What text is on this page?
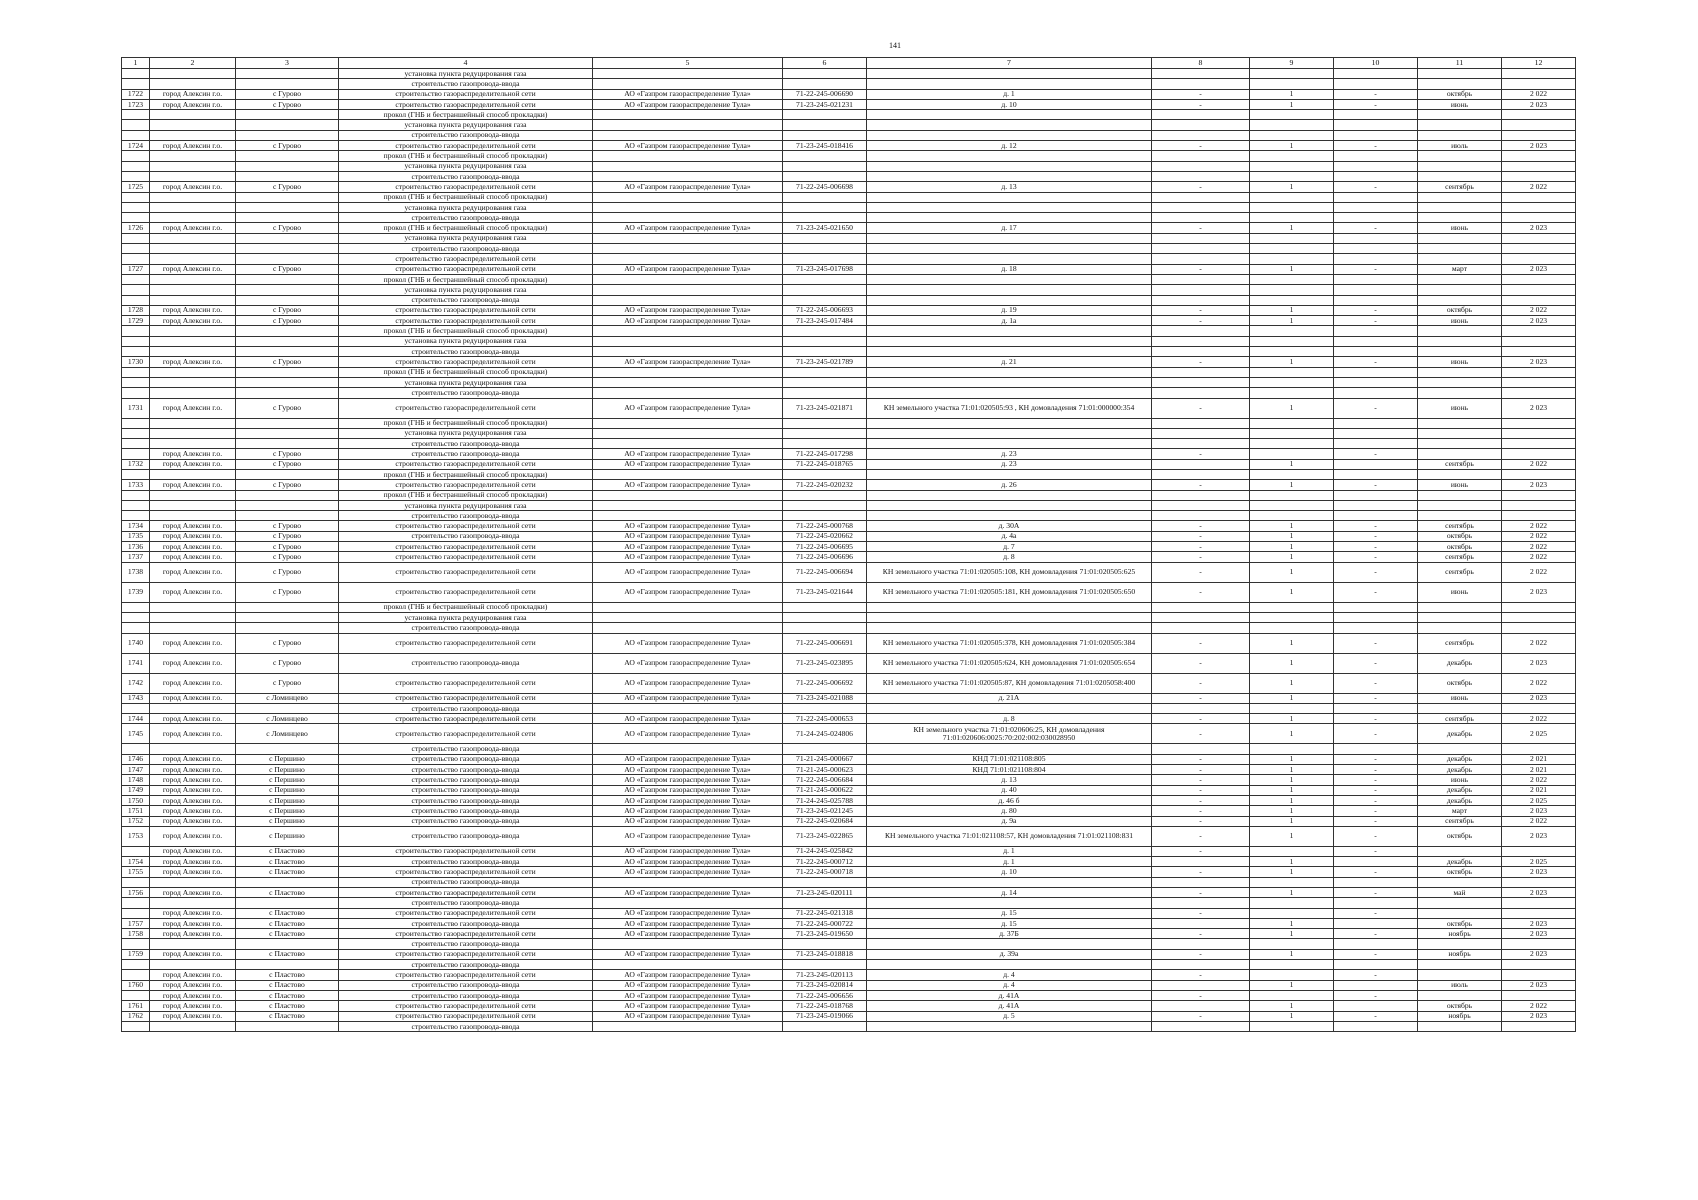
141
1	2	3	4	5	6	7	8	9	10	11	12
			установка пункта редуцирования газа								
			строительство газопровода-ввода								
1722	город Алексин г.о.	с Гурово	строительство газораспределительной сети	АО «Газпром газораспределение Тула»	71-22-245-006690	д. 1	-	1	-	октябрь	2 022
1723	город Алексин г.о.	с Гурово	строительство газораспределительной сети	АО «Газпром газораспределение Тула»	71-23-245-021231	д. 10	-	1	-	июнь	2 023
			прокол (ГНБ и бестраншейный способ прокладки)								
			установка пункта редуцирования газа								
			строительство газопровода-ввода								
1724	город Алексин г.о.	с Гурово	строительство газораспределительной сети	АО «Газпром газораспределение Тула»	71-23-245-018416	д. 12	-	1	-	июль	2 023
			прокол (ГНБ и бестраншейный способ прокладки)								
			установка пункта редуцирования газа								
			строительство газопровода-ввода								
1725	город Алексин г.о.	с Гурово	строительство газораспределительной сети	АО «Газпром газораспределение Тула»	71-22-245-006698	д. 13	-	1	-	сентябрь	2 022
			прокол (ГНБ и бестраншейный способ прокладки)								
			установка пункта редуцирования газа								
			строительство газопровода-ввода								
1726	город Алексин г.о.	с Гурово	прокол (ГНБ и бестраншейный способ прокладки)	АО «Газпром газораспределение Тула»	71-23-245-021650	д. 17	-	1	-	июнь	2 023
			установка пункта редуцирования газа								
			строительство газопровода-ввода								
			строительство газораспределительной сети								
1727	город Алексин г.о.	с Гурово	строительство газораспределительной сети	АО «Газпром газораспределение Тула»	71-23-245-017698	д. 18	-	1	-	март	2 023
			прокол (ГНБ и бестраншейный способ прокладки)								
			установка пункта редуцирования газа								
			строительство газопровода-ввода								
1728	город Алексин г.о.	с Гурово	строительство газораспределительной сети	АО «Газпром газораспределение Тула»	71-22-245-006693	д. 19	-	1	-	октябрь	2 022
1729	город Алексин г.о.	с Гурово	строительство газораспределительной сети	АО «Газпром газораспределение Тула»	71-23-245-017484	д. 1а	-	1	-	июнь	2 023
			прокол (ГНБ и бестраншейный способ прокладки)								
			установка пункта редуцирования газа								
			строительство газопровода-ввода								
1730	город Алексин г.о.	с Гурово	строительство газораспределительной сети	АО «Газпром газораспределение Тула»	71-23-245-021789	д. 21	-	1	-	июнь	2 023
			прокол (ГНБ и бестраншейный способ прокладки)								
			установка пункта редуцирования газа								
			строительство газопровода-ввода								
1731	город Алексин г.о.	с Гурово	строительство газораспределительной сети	АО «Газпром газораспределение Тула»	71-23-245-021871	КН земельного участка 71:01:020505:93 , КН домовладения 71:01:000000:354	-	1	-	июнь	2 023
			прокол (ГНБ и бестраншейный способ прокладки)								
			установка пункта редуцирования газа								
			строительство газопровода-ввода								
	город Алексин г.о.	с Гурово	строительство газопровода-ввода	АО «Газпром газораспределение Тула»	71-22-245-017298	д. 23	-		-		
1732	город Алексин г.о.	с Гурово	строительство газораспределительной сети	АО «Газпром газораспределение Тула»	71-22-245-018765	д. 23		1		сентябрь	2 022
			прокол (ГНБ и бестраншейный способ прокладки)								
1733	город Алексин г.о.	с Гурово	строительство газораспределительной сети	АО «Газпром газораспределение Тула»	71-22-245-020232	д. 26	-	1	-	июнь	2 023
			прокол (ГНБ и бестраншейный способ прокладки)								
			установка пункта редуцирования газа								
			строительство газопровода-ввода								
1734	город Алексин г.о.	с Гурово	строительство газораспределительной сети	АО «Газпром газораспределение Тула»	71-22-245-000768	д. 30А	-	1	-	сентябрь	2 022
1735	город Алексин г.о.	с Гурово	строительство газопровода-ввода	АО «Газпром газораспределение Тула»	71-22-245-020662	д. 4а	-	1	-	октябрь	2 022
1736	город Алексин г.о.	с Гурово	строительство газораспределительной сети	АО «Газпром газораспределение Тула»	71-22-245-006695	д. 7	-	1	-	октябрь	2 022
1737	город Алексин г.о.	с Гурово	строительство газораспределительной сети	АО «Газпром газораспределение Тула»	71-22-245-006696	д. 8	-	1	-	сентябрь	2 022
1738	город Алексин г.о.	с Гурово	строительство газораспределительной сети	АО «Газпром газораспределение Тула»	71-22-245-006694	КН земельного участка 71:01:020505:108, КН домовладения 71:01:020505:625	-	1	-	сентябрь	2 022
1739	город Алексин г.о.	с Гурово	строительство газораспределительной сети	АО «Газпром газораспределение Тула»	71-23-245-021644	КН земельного участка 71:01:020505:181, КН домовладения 71:01:020505:650	-	1	-	июнь	2 023
			прокол (ГНБ и бестраншейный способ прокладки)								
			установка пункта редуцирования газа								
			строительство газопровода-ввода								
1740	город Алексин г.о.	с Гурово	строительство газораспределительной сети	АО «Газпром газораспределение Тула»	71-22-245-006691	КН земельного участка 71:01:020505:378, КН домовладения 71:01:020505:384	-	1	-	сентябрь	2 022
1741	город Алексин г.о.	с Гурово	строительство газопровода-ввода	АО «Газпром газораспределение Тула»	71-23-245-023895	КН земельного участка 71:01:020505:624, КН домовладения 71:01:020505:654	-	1	-	декабрь	2 023
1742	город Алексин г.о.	с Гурово	строительство газораспределительной сети	АО «Газпром газораспределение Тула»	71-22-245-006692	КН земельного участка 71:01:020505:87, КН домовладения 71:01:0205058:400	-	1	-	октябрь	2 022
1743	город Алексин г.о.	с Ломинцево	строительство газораспределительной сети	АО «Газпром газораспределение Тула»	71-23-245-021088	д. 21А	-	1	-	июнь	2 023
			строительство газопровода-ввода								
1744	город Алексин г.о.	с Ломинцево	строительство газораспределительной сети	АО «Газпром газораспределение Тула»	71-22-245-000653	д. 8	-	1	-	сентябрь	2 022
1745	город Алексин г.о.	с Ломинцево	строительство газораспределительной сети	АО «Газпром газораспределение Тула»	71-24-245-024806	КН земельного участка 71:01:020606:25, КН домовладения 71:01:020606:0025:70:202:002:030028950	-	1	-	декабрь	2 025
			строительство газопровода-ввода								
1746	город Алексин г.о.	с Першино	строительство газопровода-ввода	АО «Газпром газораспределение Тула»	71-21-245-000667	КНД 71:01:021108:805	-	1	-	декабрь	2 021
1747	город Алексин г.о.	с Першино	строительство газопровода-ввода	АО «Газпром газораспределение Тула»	71-21-245-000623	КНД 71:01:021108:804	-	1	-	декабрь	2 021
1748	город Алексин г.о.	с Першино	строительство газопровода-ввода	АО «Газпром газораспределение Тула»	71-22-245-006684	д. 13	-	1	-	июнь	2 022
1749	город Алексин г.о.	с Першино	строительство газопровода-ввода	АО «Газпром газораспределение Тула»	71-21-245-000622	д. 40	-	1	-	декабрь	2 021
1750	город Алексин г.о.	с Першино	строительство газопровода-ввода	АО «Газпром газораспределение Тула»	71-24-245-025788	д. 46 б	-	1	-	декабрь	2 025
1751	город Алексин г.о.	с Першино	строительство газопровода-ввода	АО «Газпром газораспределение Тула»	71-23-245-021245	д. 80	-	1	-	март	2 023
1752	город Алексин г.о.	с Першино	строительство газопровода-ввода	АО «Газпром газораспределение Тула»	71-22-245-020684	д. 9а	-	1	-	сентябрь	2 022
1753	город Алексин г.о.	с Першино	строительство газопровода-ввода	АО «Газпром газораспределение Тула»	71-23-245-022865	КН земельного участка 71:01:021108:57, КН домовладения 71:01:021108:831	-	1	-	октябрь	2 023
	город Алексин г.о.	с Пластово	строительство газораспределительной сети	АО «Газпром газораспределение Тула»	71-24-245-025842	д. 1	-		-		
1754	город Алексин г.о.	с Пластово	строительство газопровода-ввода	АО «Газпром газораспределение Тула»	71-22-245-000712	д. 1		1		декабрь	2 025
1755	город Алексин г.о.	с Пластово	строительство газораспределительной сети	АО «Газпром газораспределение Тула»	71-22-245-000718	д. 10	-	1	-	октябрь	2 023
			строительство газопровода-ввода								
1756	город Алексин г.о.	с Пластово	строительство газораспределительной сети	АО «Газпром газораспределение Тула»	71-23-245-020111	д. 14	-	1	-	май	2 023
			строительство газопровода-ввода								
	город Алексин г.о.	с Пластово	строительство газораспределительной сети	АО «Газпром газораспределение Тула»	71-22-245-021318	д. 15	-		-		
1757	город Алексин г.о.	с Пластово	строительство газопровода-ввода	АО «Газпром газораспределение Тула»	71-22-245-000722	д. 15		1		октябрь	2 023
1758	город Алексин г.о.	с Пластово	строительство газораспределительной сети	АО «Газпром газораспределение Тула»	71-23-245-019650	д. 37Б	-	1	-	ноябрь	2 023
			строительство газопровода-ввода								
1759	город Алексин г.о.	с Пластово	строительство газораспределительной сети	АО «Газпром газораспределение Тула»	71-23-245-018818	д. 39а	-	1	-	ноябрь	2 023
			строительство газопровода-ввода								
	город Алексин г.о.	с Пластово	строительство газораспределительной сети	АО «Газпром газораспределение Тула»	71-23-245-020113	д. 4	-		-		
1760	город Алексин г.о.	с Пластово	строительство газопровода-ввода	АО «Газпром газораспределение Тула»	71-23-245-020814	д. 4		1		июль	2 023
	город Алексин г.о.	с Пластово	строительство газопровода-ввода	АО «Газпром газораспределение Тула»	71-22-245-006656	д. 41А	-		-		
1761	город Алексин г.о.	с Пластово	строительство газораспределительной сети	АО «Газпром газораспределение Тула»	71-22-245-018768	д. 41А		1		октябрь	2 022
1762	город Алексин г.о.	с Пластово	строительство газораспределительной сети	АО «Газпром газораспределение Тула»	71-23-245-019066	д. 5	-	1	-	ноябрь	2 023
			строительство газопровода-ввода								
